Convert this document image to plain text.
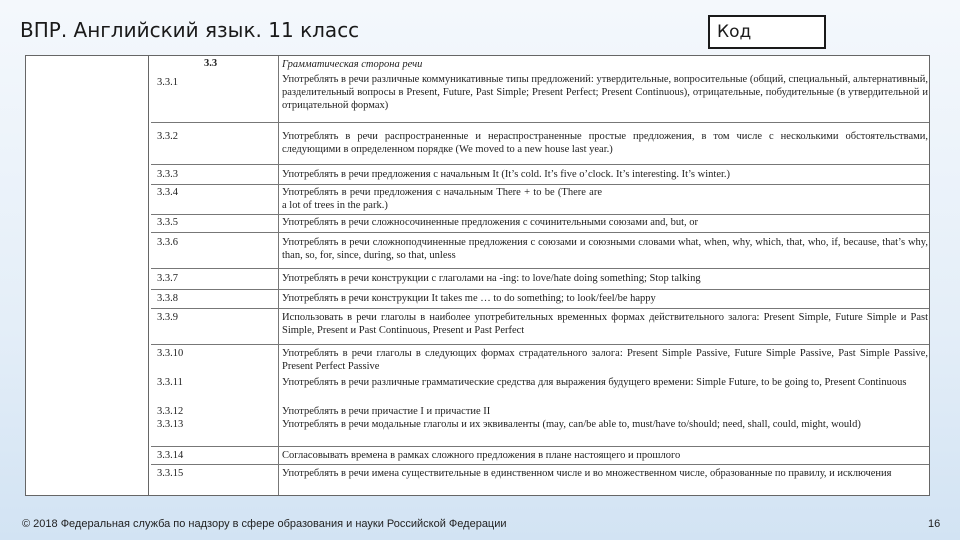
ВПР. Английский язык. 11 класс	Код
3.3	Грамматическая сторона речи
3.3.1	Употреблять в речи различные коммуникативные типы предложений: утвердительные, вопросительные (общий, специальный, альтернативный, разделительный вопросы в Present, Future, Past Simple; Present Perfect; Present Continuous), отрицательные, побудительные (в утвердительной и отрицательной формах)
3.3.2	Употреблять в речи распространенные и нераспространенные простые предложения, в том числе с несколькими обстоятельствами, следующими в определенном порядке (We moved to a new house last year.)
3.3.3	Употреблять в речи предложения с начальным It (It’s cold. It’s five o’clock. It’s interesting. It’s winter.)
3.3.4	Употреблять в речи предложения с начальным There + to be (There are a lot of trees in the park.)
3.3.5	Употреблять в речи сложносочиненные предложения с сочинительными союзами and, but, or
3.3.6	Употреблять в речи сложноподчиненные предложения с союзами и союзными словами what, when, why, which, that, who, if, because, that’s why, than, so, for, since, during, so that, unless
3.3.7	Употреблять в речи конструкции с глаголами на -ing: to love/hate doing something; Stop talking
3.3.8	Употреблять в речи конструкции It takes me … to do something; to look/feel/be happy
3.3.9	Использовать в речи глаголы в наиболее употребительных временных формах действительного залога: Present Simple, Future Simple и Past Simple, Present и Past Continuous, Present и Past Perfect
3.3.10	Употреблять в речи глаголы в следующих формах страдательного залога: Present Simple Passive, Future Simple Passive, Past Simple Passive, Present Perfect Passive
3.3.11	Употреблять в речи различные грамматические средства для выражения будущего времени: Simple Future, to be going to, Present Continuous
3.3.12	Употреблять в речи причастие I и причастие II
3.3.13	Употреблять в речи модальные глаголы и их эквиваленты (may, can/be able to, must/have to/should; need, shall, could, might, would)
3.3.14	Согласовывать времена в рамках сложного предложения в плане настоящего и прошлого
3.3.15	Употреблять в речи имена существительные в единственном числе и во множественном числе, образованные по правилу, и исключения
© 2018 Федеральная служба по надзору в сфере образования и науки Российской Федерации	16
